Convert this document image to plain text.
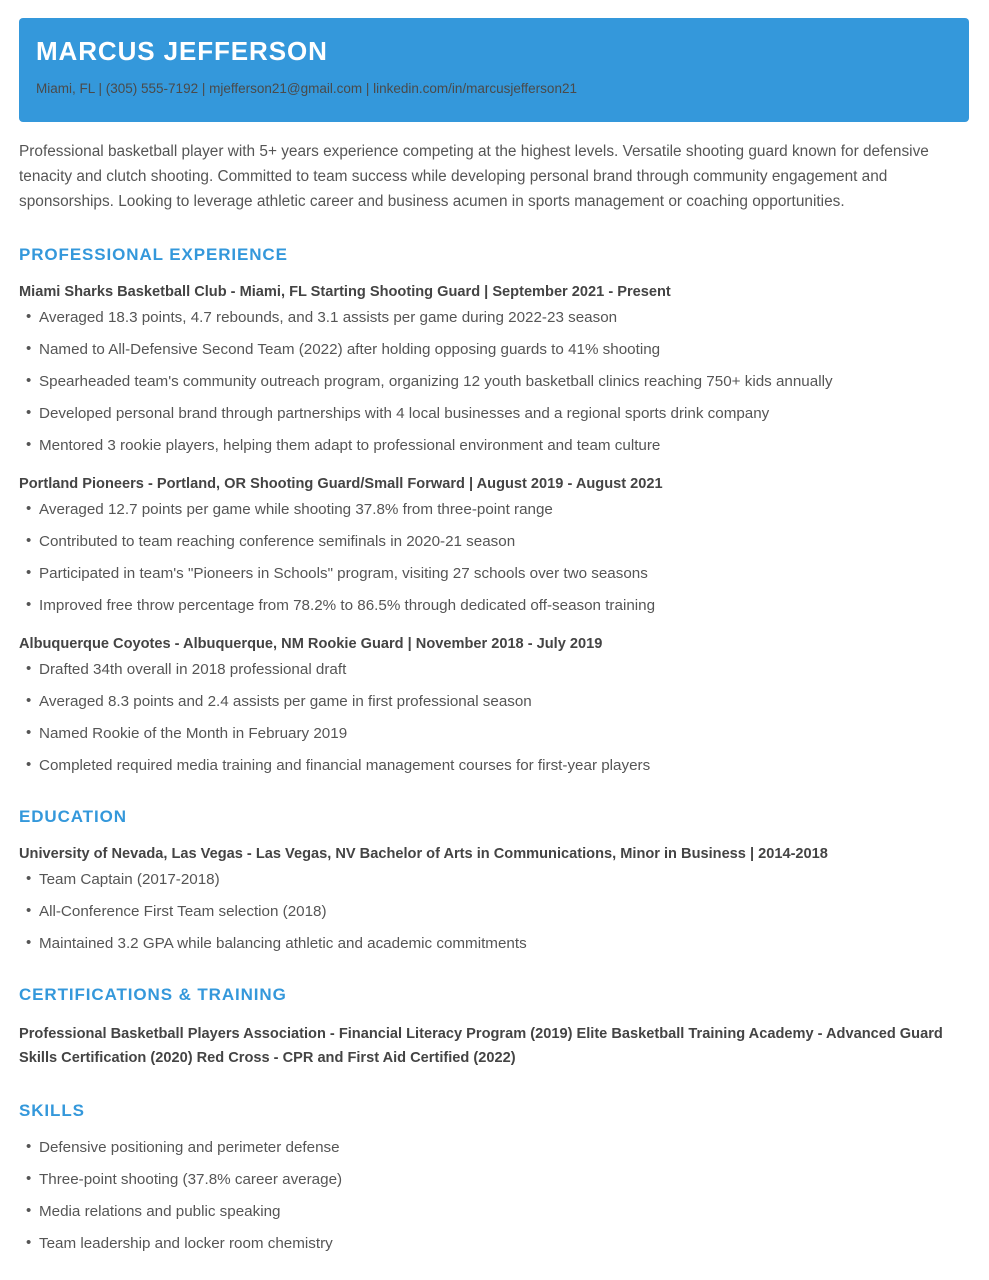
MARCUS JEFFERSON
Miami, FL | (305) 555-7192 | mjefferson21@gmail.com | linkedin.com/in/marcusjefferson21

Professional basketball player with 5+ years experience competing at the highest levels. Versatile shooting guard known for defensive tenacity and clutch shooting. Committed to team success while developing personal brand through community engagement and sponsorships. Looking to leverage athletic career and business acumen in sports management or coaching opportunities.

PROFESSIONAL EXPERIENCE
Miami Sharks Basketball Club - Miami, FL Starting Shooting Guard | September 2021 - Present
• Averaged 18.3 points, 4.7 rebounds, and 3.1 assists per game during 2022-23 season
• Named to All-Defensive Second Team (2022) after holding opposing guards to 41% shooting
• Spearheaded team's community outreach program, organizing 12 youth basketball clinics reaching 750+ kids annually
• Developed personal brand through partnerships with 4 local businesses and a regional sports drink company
• Mentored 3 rookie players, helping them adapt to professional environment and team culture
Portland Pioneers - Portland, OR Shooting Guard/Small Forward | August 2019 - August 2021
• Averaged 12.7 points per game while shooting 37.8% from three-point range
• Contributed to team reaching conference semifinals in 2020-21 season
• Participated in team's "Pioneers in Schools" program, visiting 27 schools over two seasons
• Improved free throw percentage from 78.2% to 86.5% through dedicated off-season training
Albuquerque Coyotes - Albuquerque, NM Rookie Guard | November 2018 - July 2019
• Drafted 34th overall in 2018 professional draft
• Averaged 8.3 points and 2.4 assists per game in first professional season
• Named Rookie of the Month in February 2019
• Completed required media training and financial management courses for first-year players
EDUCATION
University of Nevada, Las Vegas - Las Vegas, NV Bachelor of Arts in Communications, Minor in Business | 2014-2018
• Team Captain (2017-2018)
• All-Conference First Team selection (2018)
• Maintained 3.2 GPA while balancing athletic and academic commitments
CERTIFICATIONS & TRAINING

Professional Basketball Players Association - Financial Literacy Program (2019) Elite Basketball Training Academy - Advanced Guard Skills Certification (2020) Red Cross - CPR and First Aid Certified (2022)

SKILLS
• Defensive positioning and perimeter defense
• Three-point shooting (37.8% career average)
• Media relations and public speaking
• Team leadership and locker room chemistry
